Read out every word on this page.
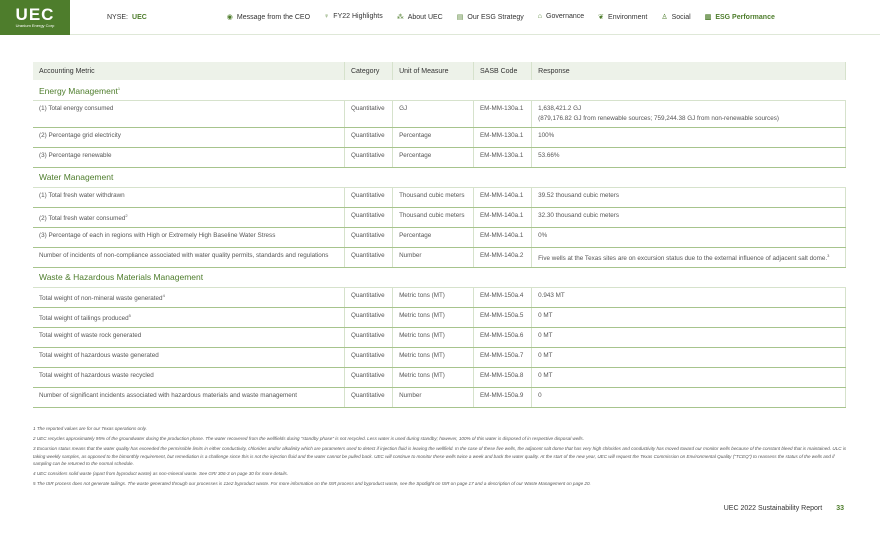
UEC
Uranium Energy Corp
NYSE: UEC	◉ Message from the CEO ♀ FY22 Highlights ⁂ About UEC ▤ Our ESG Strategy ⌂ Governance ❦ Environment ♙ Social ▥ ESG Performance
Accounting Metric	Category	Unit of Measure	SASB Code	Response
Energy Management$^1$
(1) Total energy consumed	Quantitative	GJ	EM-MM-130a.1	1,638,421.2 GJ
(879,176.82 GJ from renewable sources; 759,244.38 GJ from non-renewable sources)
(2) Percentage grid electricity	Quantitative	Percentage	EM-MM-130a.1	100%
(3) Percentage renewable	Quantitative	Percentage	EM-MM-130a.1	53.66%
Water Management				
(1) Total fresh water withdrawn	Quantitative	Thousand cubic meters	EM-MM-140a.1	39.52 thousand cubic meters
(2) Total fresh water consumed$^2$	Quantitative	Thousand cubic meters	EM-MM-140a.1	32.30 thousand cubic meters
(3) Percentage of each in regions with High or Extremely High Baseline Water Stress	Quantitative	Percentage	EM-MM-140a.1	0%
Number of incidents of non-compliance associated with water quality permits, standards and regulations	Quantitative	Number	EM-MM-140a.2	Five wells at the Texas sites are on excursion status due to the external influence of adjacent salt dome.$^3$
Waste & Hazardous Materials Management				
Total weight of non-mineral waste generated$^4$	Quantitative	Metric tons (MT)	EM-MM-150a.4	0.943 MT
Total weight of tailings produced$^5$	Quantitative	Metric tons (MT)	EM-MM-150a.5	0 MT
Total weight of waste rock generated	Quantitative	Metric tons (MT)	EM-MM-150a.6	0 MT
Total weight of hazardous waste generated	Quantitative	Metric tons (MT)	EM-MM-150a.7	0 MT
Total weight of hazardous waste recycled	Quantitative	Metric tons (MT)	EM-MM-150a.8	0 MT
Number of significant incidents associated with hazardous materials and waste management	Quantitative	Number	EM-MM-150a.9	0

1 The reported values are for our Texas operations only.

2 UEC recycles approximately 95% of the groundwater during the production phase. The water recovered from the wellfields during "standby phase" is not recycled. Less water is used during standby; however, 100% of this water is disposed of in respective disposal wells.

3 Excursion status means that the water quality has exceeded the permissible limits in either conductivity, chlorides and/or alkalinity which are parameters used to detect if injection fluid is leaving the wellfield. In the case of these five wells, the adjacent salt dome that has very high chlorides and conductivity has moved toward our monitor wells because of the constant bleed that is maintained. ULC is taking weekly samples, as opposed to the bimonthly requirement, but remediation is a challenge since this is not the injection fluid and the water cannot be pulled back. UEC will continue to monitor these wells twice a week and back the water quality. At the start of the new year, UEC will request the Texas Commission on Environmental Quality ("TCEQ") to reassess the status of the wells and if sampling can be returned to the normal schedule.

4 UEC considers solid waste (apart from byproduct waste) as non-mineral waste. See GRI 306-3 on page 30 for more details.

5 The ISR process does not generate tailings. The waste generated through our processes is 11e2 byproduct waste. For more information on the ISR process and byproduct waste, see the Spotlight on ISR on page 17 and a description of our Waste Management on page 20.

UEC 2022 Sustainability Report 33
